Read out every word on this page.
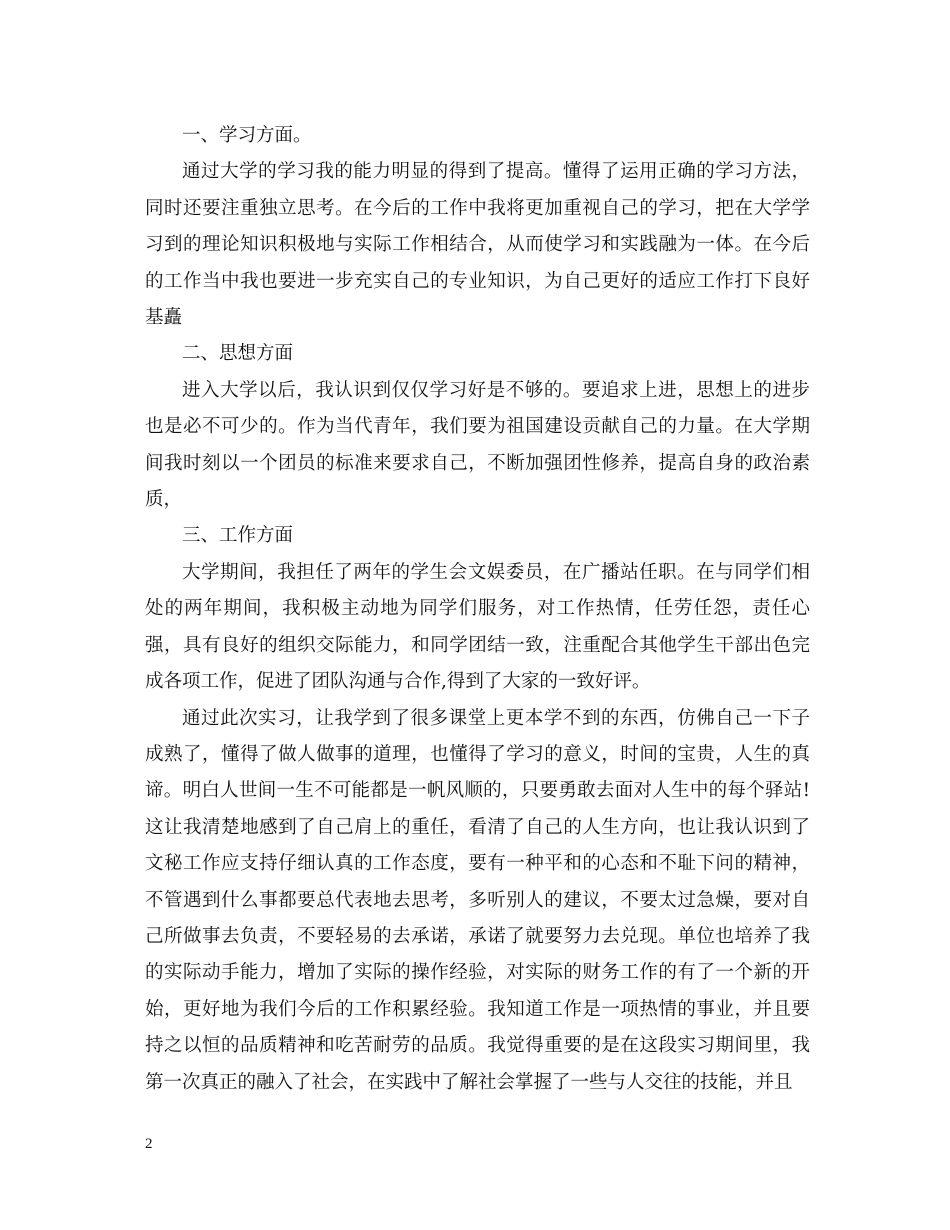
一、学习方面。

通过大学的学习我的能力明显的得到了提高。懂得了运用正确的学习方法，同时还要注重独立思考。在今后的工作中我将更加重视自己的学习，把在大学学习到的理论知识积极地与实际工作相结合，从而使学习和实践融为一体。在今后的工作当中我也要进一步充实自己的专业知识，为自己更好的适应工作打下良好基矗

二、思想方面

进入大学以后，我认识到仅仅学习好是不够的。要追求上进，思想上的进步也是必不可少的。作为当代青年，我们要为祖国建设贡献自己的力量。在大学期间我时刻以一个团员的标准来要求自己，不断加强团性修养，提高自身的政治素质，

三、工作方面

大学期间，我担任了两年的学生会文娱委员，在广播站任职。在与同学们相处的两年期间，我积极主动地为同学们服务，对工作热情，任劳任怨，责任心强，具有良好的组织交际能力，和同学团结一致，注重配合其他学生干部出色完成各项工作，促进了团队沟通与合作,得到了大家的一致好评。

通过此次实习，让我学到了很多课堂上更本学不到的东西，仿佛自己一下子成熟了，懂得了做人做事的道理，也懂得了学习的意义，时间的宝贵，人生的真谛。明白人世间一生不可能都是一帆风顺的，只要勇敢去面对人生中的每个驿站!这让我清楚地感到了自己肩上的重任，看清了自己的人生方向，也让我认识到了文秘工作应支持仔细认真的工作态度，要有一种平和的心态和不耻下问的精神，不管遇到什么事都要总代表地去思考，多听别人的建议，不要太过急燥，要对自己所做事去负责，不要轻易的去承诺，承诺了就要努力去兑现。单位也培养了我的实际动手能力，增加了实际的操作经验，对实际的财务工作的有了一个新的开始，更好地为我们今后的工作积累经验。我知道工作是一项热情的事业，并且要持之以恒的品质精神和吃苦耐劳的品质。我觉得重要的是在这段实习期间里，我第一次真正的融入了社会，在实践中了解社会掌握了一些与人交往的技能，并且

2
